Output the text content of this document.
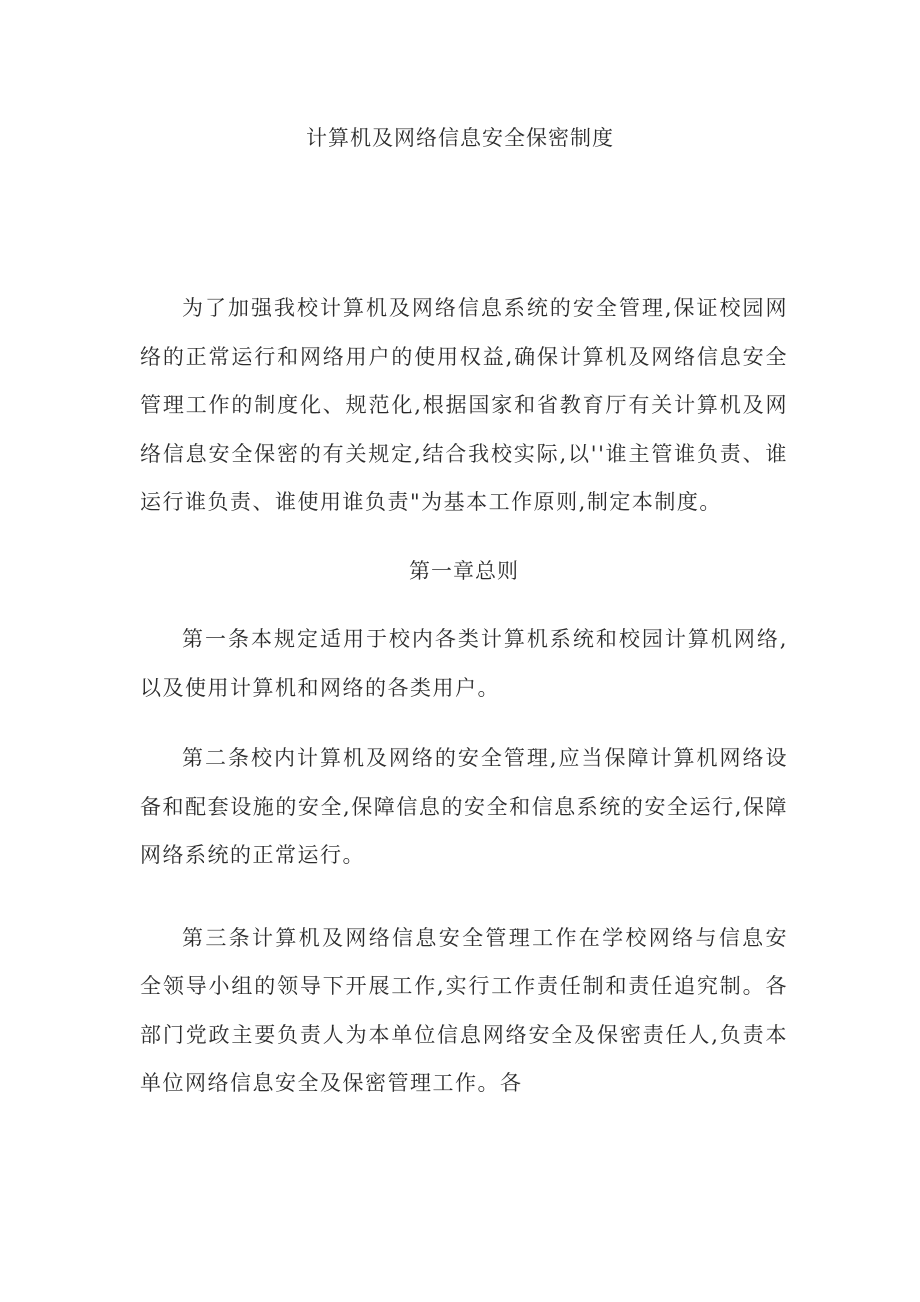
计算机及网络信息安全保密制度

为了加强我校计算机及网络信息系统的安全管理,保证校园网络的正常运行和网络用户的使用权益,确保计算机及网络信息安全管理工作的制度化、规范化,根据国家和省教育厅有关计算机及网络信息安全保密的有关规定,结合我校实际,以''谁主管谁负责、谁运行谁负责、谁使用谁负责"为基本工作原则,制定本制度。

第一章总则

第一条本规定适用于校内各类计算机系统和校园计算机网络,以及使用计算机和网络的各类用户。

第二条校内计算机及网络的安全管理,应当保障计算机网络设备和配套设施的安全,保障信息的安全和信息系统的安全运行,保障网络系统的正常运行。

第三条计算机及网络信息安全管理工作在学校网络与信息安全领导小组的领导下开展工作,实行工作责任制和责任追究制。各部门党政主要负责人为本单位信息网络安全及保密责任人,负责本单位网络信息安全及保密管理工作。各
